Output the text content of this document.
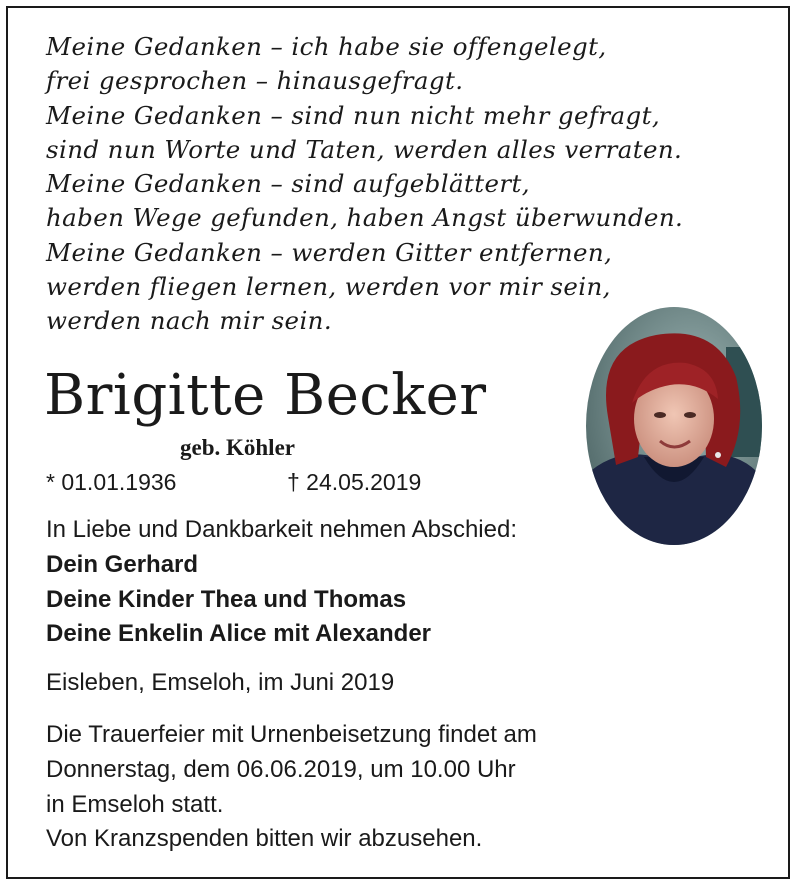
Meine Gedanken – ich habe sie offengelegt,
frei gesprochen – hinausgefragt.
Meine Gedanken – sind nun nicht mehr gefragt,
sind nun Worte und Taten, werden alles verraten.
Meine Gedanken – sind aufgeblättert,
haben Wege gefunden, haben Angst überwunden.
Meine Gedanken – werden Gitter entfernen,
werden fliegen lernen, werden vor mir sein,
werden nach mir sein.
Brigitte Becker
geb. Köhler
* 01.01.1936	† 24.05.2019
In Liebe und Dankbarkeit nehmen Abschied:
Dein Gerhard
Deine Kinder Thea und Thomas
Deine Enkelin Alice mit Alexander
Eisleben, Emseloh, im Juni 2019
Die Trauerfeier mit Urnenbeisetzung findet am
Donnerstag, dem 06.06.2019, um 10.00 Uhr
in Emseloh statt.
Von Kranzspenden bitten wir abzusehen.
